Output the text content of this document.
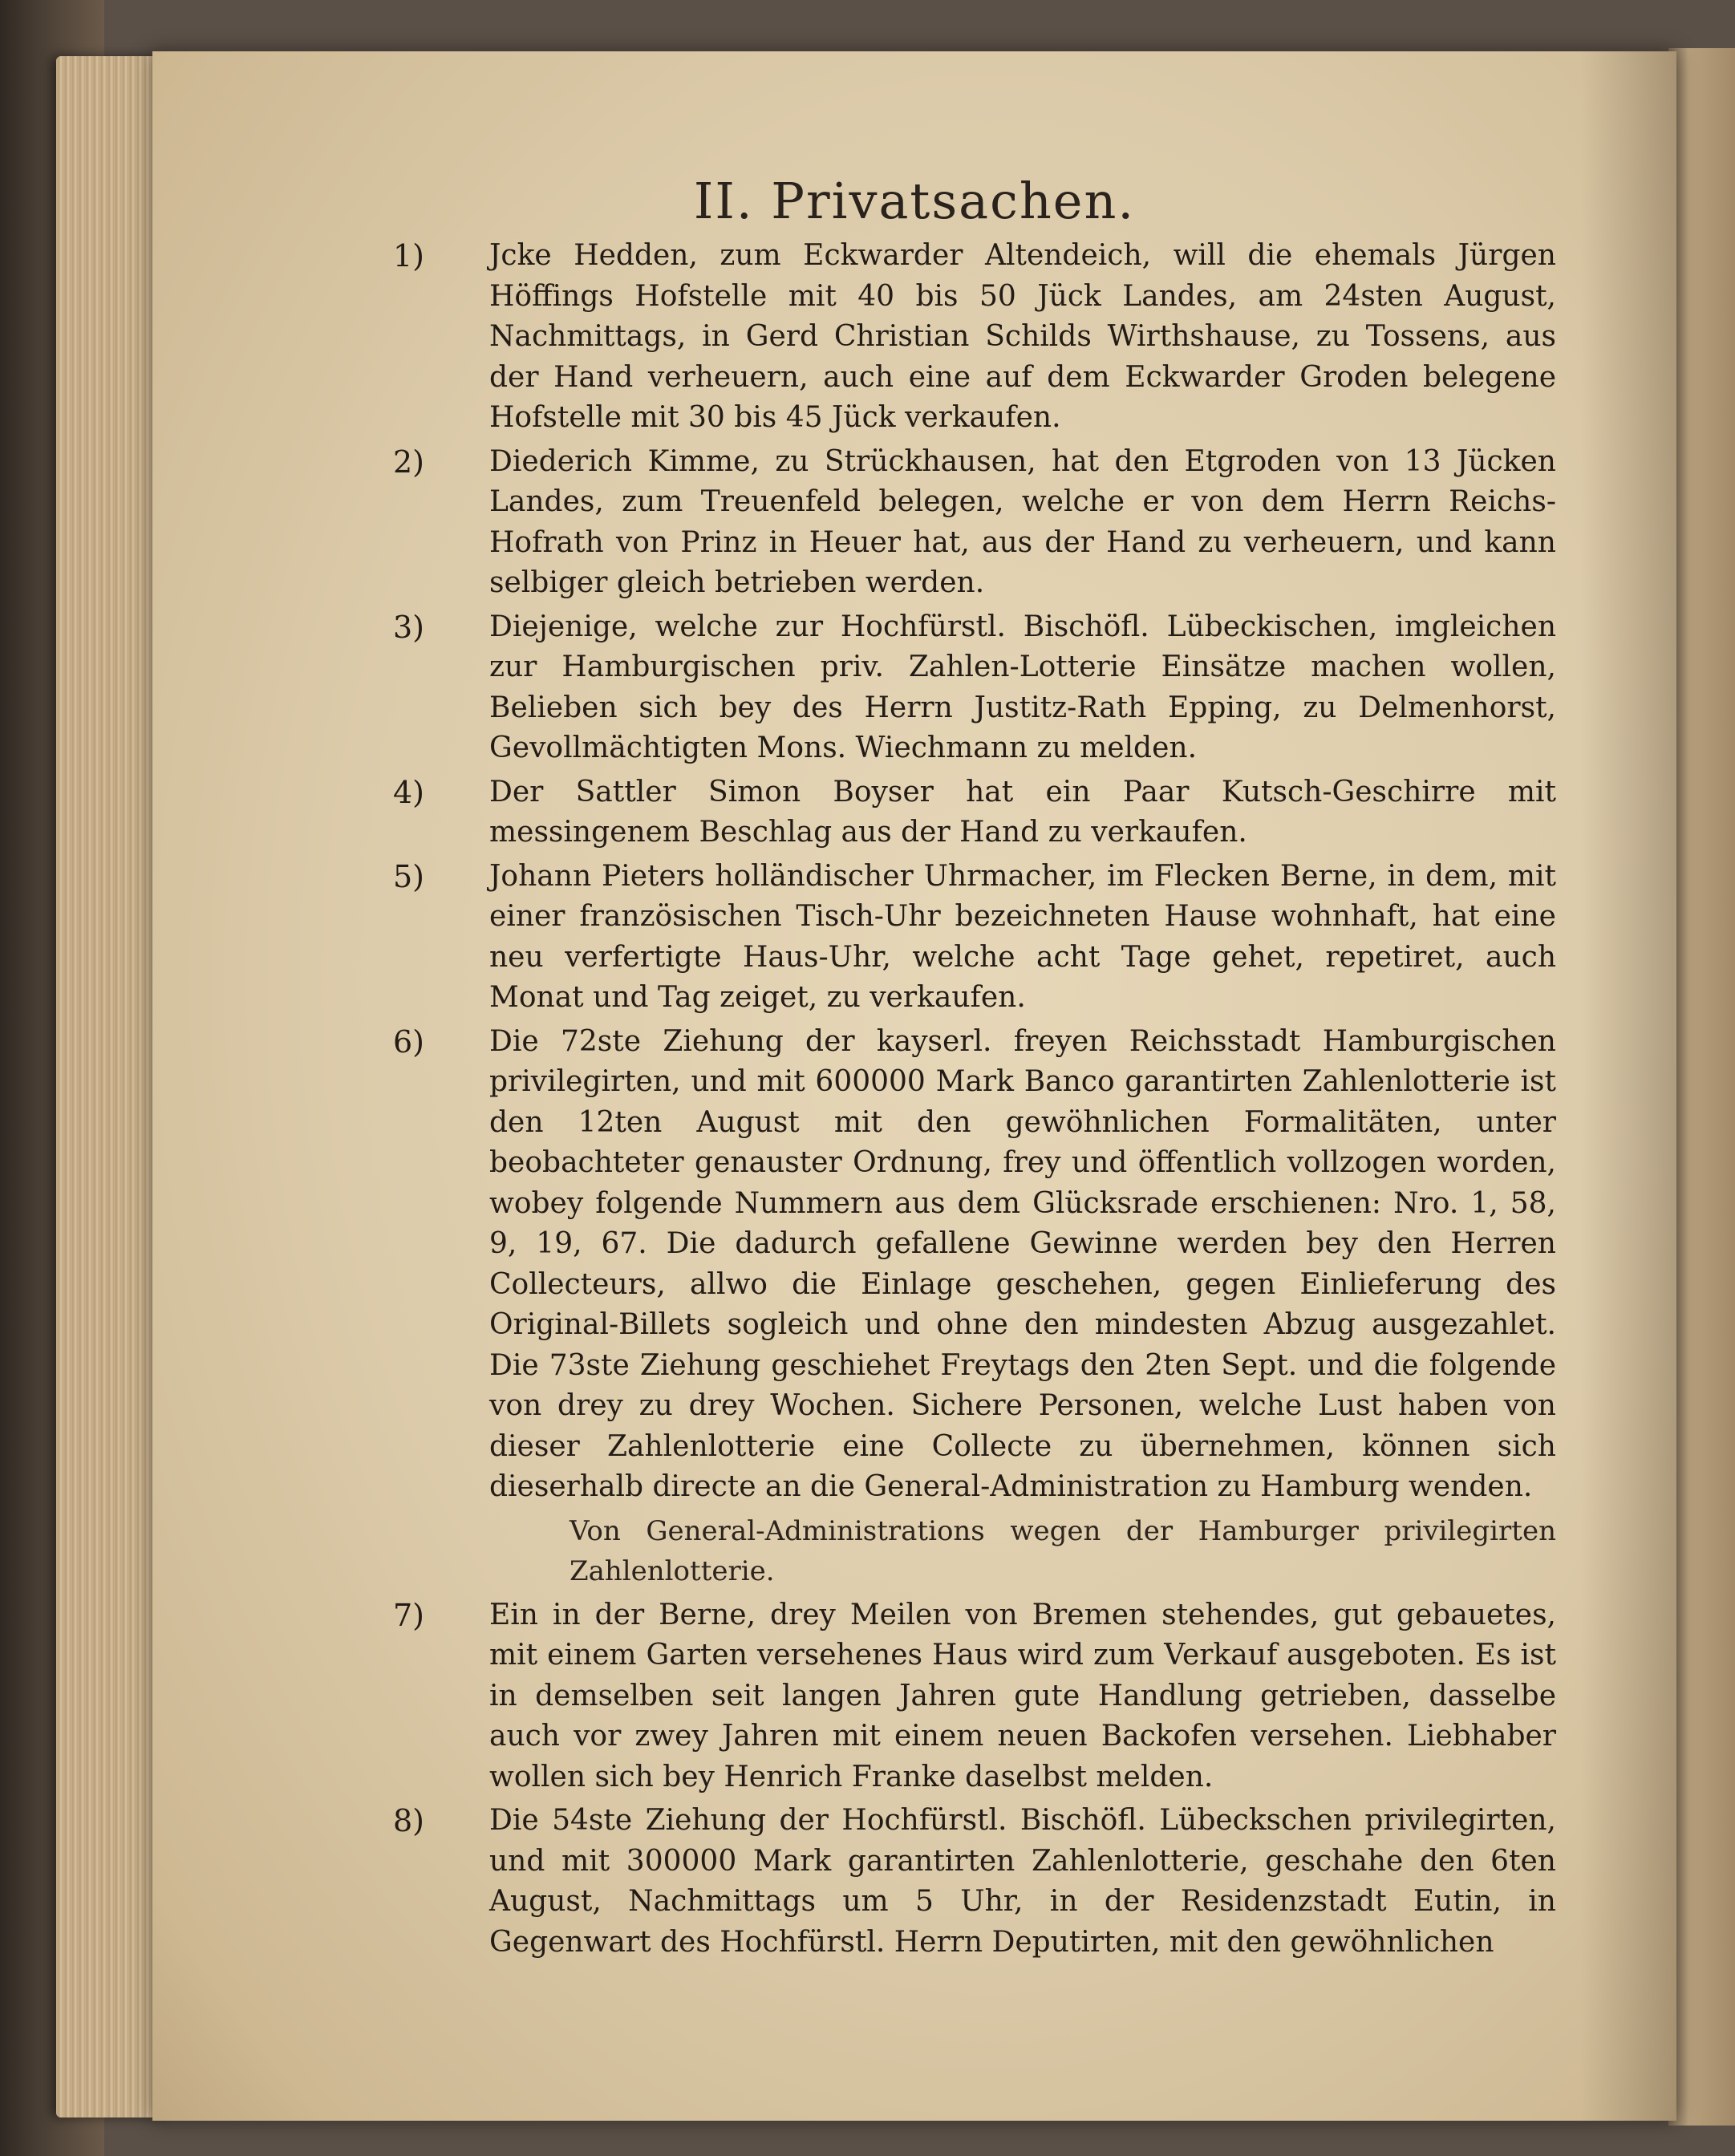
II. Privatsachen.
1)	Jcke Hedden, zum Eckwarder Altendeich, will die ehemals Jürgen Höffings Hofstelle mit 40 bis 50 Jück Landes, am 24sten August, Nachmittags, in Gerd Christian Schilds Wirthshause, zu Tossens, aus der Hand verheuern, auch eine auf dem Eckwarder Groden belegene Hofstelle mit 30 bis 45 Jück verkaufen.
2)	Diederich Kimme, zu Strückhausen, hat den Etgroden von 13 Jücken Landes, zum Treuenfeld belegen, welche er von dem Herrn Reichs-Hofrath von Prinz in Heuer hat, aus der Hand zu verheuern, und kann selbiger gleich betrieben werden.
3)	Diejenige, welche zur Hochfürstl. Bischöfl. Lübeckischen, imgleichen zur Hamburgischen priv. Zahlen-Lotterie Einsätze machen wollen, Belieben sich bey des Herrn Justitz-Rath Epping, zu Delmenhorst, Gevollmächtigten Mons. Wiechmann zu melden.
4)	Der Sattler Simon Boyser hat ein Paar Kutsch-Geschirre mit messingenem Beschlag aus der Hand zu verkaufen.
5)	Johann Pieters holländischer Uhrmacher, im Flecken Berne, in dem, mit einer französischen Tisch-Uhr bezeichneten Hause wohnhaft, hat eine neu verfertigte Haus-Uhr, welche acht Tage gehet, repetiret, auch Monat und Tag zeiget, zu verkaufen.
6)	Die 72ste Ziehung der kayserl. freyen Reichsstadt Hamburgischen privilegirten, und mit 600000 Mark Banco garantirten Zahlenlotterie ist den 12ten August mit den gewöhnlichen Formalitäten, unter beobachteter genauster Ordnung, frey und öffentlich vollzogen worden, wobey folgende Nummern aus dem Glücksrade erschienen: Nro. 1, 58, 9, 19, 67. Die dadurch gefallene Gewinne werden bey den Herren Collecteurs, allwo die Einlage geschehen, gegen Einlieferung des Original-Billets sogleich und ohne den mindesten Abzug ausgezahlet. Die 73ste Ziehung geschiehet Freytags den 2ten Sept. und die folgende von drey zu drey Wochen. Sichere Personen, welche Lust haben von dieser Zahlenlotterie eine Collecte zu übernehmen, können sich dieserhalb directe an die General-Administration zu Hamburg wenden.
Von General-Administrations wegen der Hamburger privilegirten Zahlenlotterie.
7)	Ein in der Berne, drey Meilen von Bremen stehendes, gut gebauetes, mit einem Garten versehenes Haus wird zum Verkauf ausgeboten. Es ist in demselben seit langen Jahren gute Handlung getrieben, dasselbe auch vor zwey Jahren mit einem neuen Backofen versehen. Liebhaber wollen sich bey Henrich Franke daselbst melden.
8)	Die 54ste Ziehung der Hochfürstl. Bischöfl. Lübeckschen privilegirten, und mit 300000 Mark garantirten Zahlenlotterie, geschahe den 6ten August, Nachmittags um 5 Uhr, in der Residenzstadt Eutin, in Gegenwart des Hochfürstl. Herrn Deputirten, mit den gewöhnlichen
